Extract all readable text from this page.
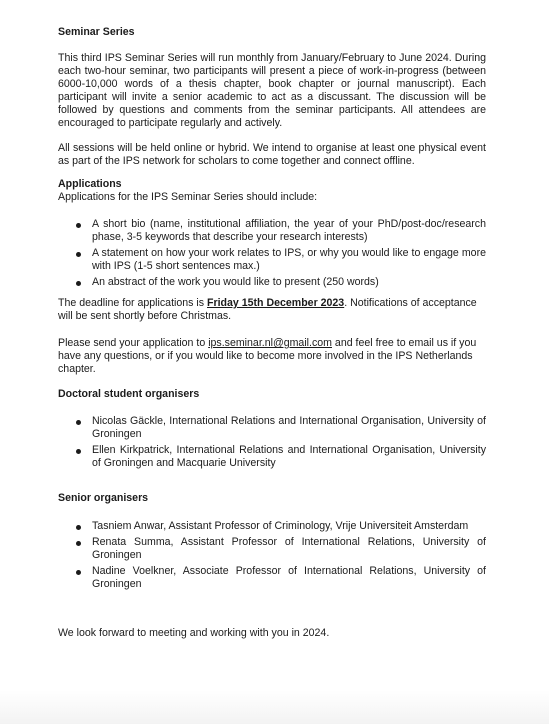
Seminar Series

This third IPS Seminar Series will run monthly from January/February to June 2024. During each two-hour seminar, two participants will present a piece of work-in-progress (between 6000-10,000 words of a thesis chapter, book chapter or journal manuscript). Each participant will invite a senior academic to act as a discussant. The discussion will be followed by questions and comments from the seminar participants. All attendees are encouraged to participate regularly and actively.

All sessions will be held online or hybrid. We intend to organise at least one physical event as part of the IPS network for scholars to come together and connect offline.

Applications

Applications for the IPS Seminar Series should include:

A short bio (name, institutional affiliation, the year of your PhD/post-doc/research phase, 3-5 keywords that describe your research interests)
A statement on how your work relates to IPS, or why you would like to engage more with IPS (1-5 short sentences max.)
An abstract of the work you would like to present (250 words)

The deadline for applications is Friday 15th December 2023. Notifications of acceptance will be sent shortly before Christmas.

Please send your application to ips.seminar.nl@gmail.com and feel free to email us if you have any questions, or if you would like to become more involved in the IPS Netherlands chapter.

Doctoral student organisers

Nicolas Gäckle, International Relations and International Organisation, University of Groningen
Ellen Kirkpatrick, International Relations and International Organisation, University of Groningen and Macquarie University

Senior organisers

Tasniem Anwar, Assistant Professor of Criminology, Vrije Universiteit Amsterdam
Renata Summa, Assistant Professor of International Relations, University of Groningen
Nadine Voelkner, Associate Professor of International Relations, University of Groningen

We look forward to meeting and working with you in 2024.
